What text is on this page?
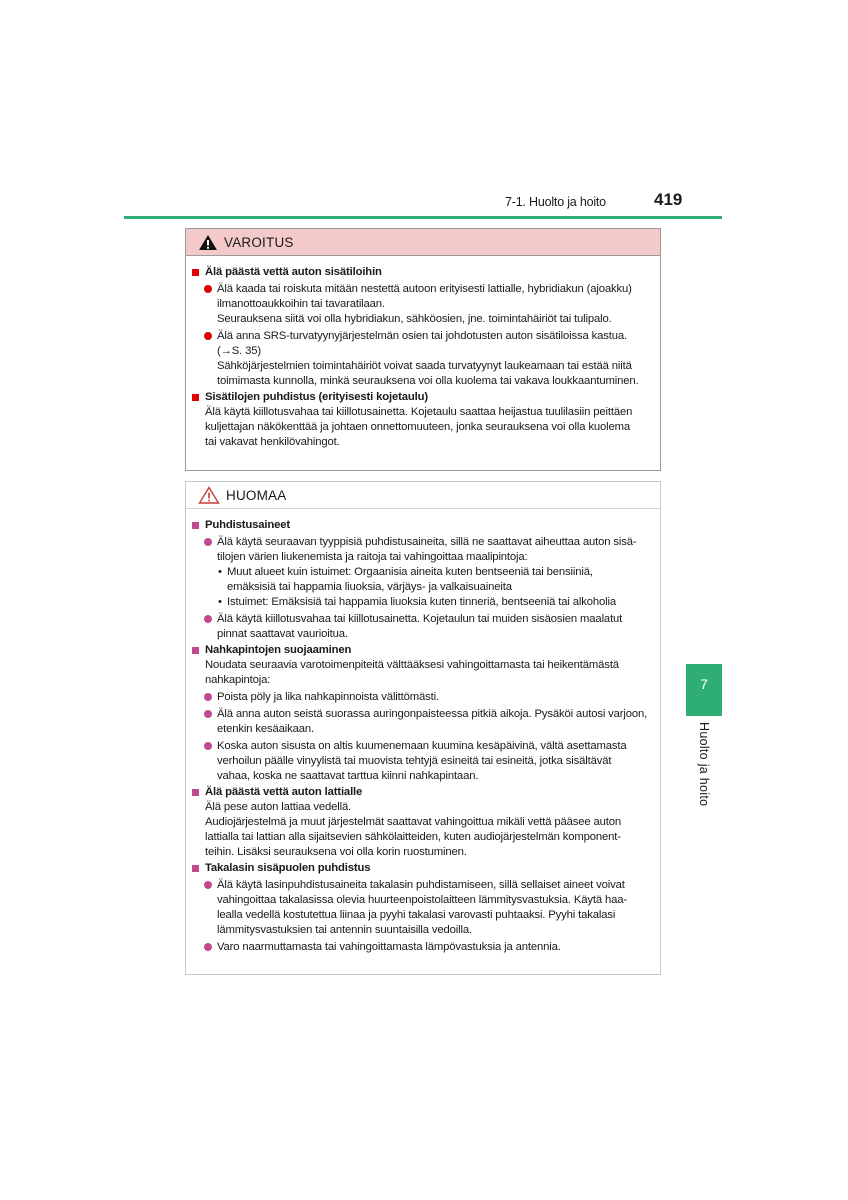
7-1. Huolto ja hoito	419
VAROITUS
Älä päästä vettä auton sisätiloihin
Älä kaada tai roiskuta mitään nestettä autoon erityisesti lattialle, hybridiakun (ajoakku)
ilmanottoaukkoihin tai tavaratilaan.
Seurauksena siitä voi olla hybridiakun, sähköosien, jne. toimintahäiriöt tai tulipalo.
Älä anna SRS-turvatyynyjärjestelmän osien tai johdotusten auton sisätiloissa kastua.
(→S. 35)
Sähköjärjestelmien toimintahäiriöt voivat saada turvatyynyt laukeamaan tai estää niitä
toimimasta kunnolla, minkä seurauksena voi olla kuolema tai vakava loukkaantuminen.
Sisätilojen puhdistus (erityisesti kojetaulu)
Älä käytä kiillotusvahaa tai kiillotusainetta. Kojetaulu saattaa heijastua tuulilasiin peittäen
kuljettajan näkökenttää ja johtaen onnettomuuteen, jonka seurauksena voi olla kuolema
tai vakavat henkilövahingot.
HUOMAA
Puhdistusaineet
Älä käytä seuraavan tyyppisiä puhdistusaineita, sillä ne saattavat aiheuttaa auton sisä-
tilojen värien liukenemista ja raitoja tai vahingoittaa maalipintoja:
• Muut alueet kuin istuimet: Orgaanisia aineita kuten bentseeniä tai bensiiniä,
emäksisiä tai happamia liuoksia, värjäys- ja valkaisuaineita
• Istuimet: Emäksisiä tai happamia liuoksia kuten tinneriä, bentseeniä tai alkoholia
Älä käytä kiillotusvahaa tai kiillotusainetta. Kojetaulun tai muiden sisäosien maalatut
pinnat saattavat vaurioitua.
Nahkapintojen suojaaminen
Noudata seuraavia varotoimenpiteitä välttääksesi vahingoittamasta tai heikentämästä
nahkapintoja:
Poista pöly ja lika nahkapinnoista välittömästi.
Älä anna auton seistä suorassa auringonpaisteessa pitkiä aikoja. Pysäköi autosi varjoon,
etenkin kesäaikaan.
Koska auton sisusta on altis kuumenemaan kuumina kesäpäivinä, vältä asettamasta
verhoilun päälle vinyylistä tai muovista tehtyjä esineitä tai esineitä, jotka sisältävät
vahaa, koska ne saattavat tarttua kiinni nahkapintaan.
Älä päästä vettä auton lattialle
Älä pese auton lattiaa vedellä.
Audiojärjestelmä ja muut järjestelmät saattavat vahingoittua mikäli vettä pääsee auton
lattialla tai lattian alla sijaitsevien sähkölaitteiden, kuten audiojärjestelmän komponent-
teihin. Lisäksi seurauksena voi olla korin ruostuminen.
Takalasin sisäpuolen puhdistus
Älä käytä lasinpuhdistusaineita takalasin puhdistamiseen, sillä sellaiset aineet voivat
vahingoittaa takalasissa olevia huurteenpoistolaitteen lämmitysvastuksia. Käytä haa-
lealla vedellä kostutettua liinaa ja pyyhi takalasi varovasti puhtaaksi. Pyyhi takalasi
lämmitysvastuksien tai antennin suuntaisilla vedoilla.
Varo naarmuttamasta tai vahingoittamasta lämpövastuksia ja antennia.
7
Huolto ja hoito
